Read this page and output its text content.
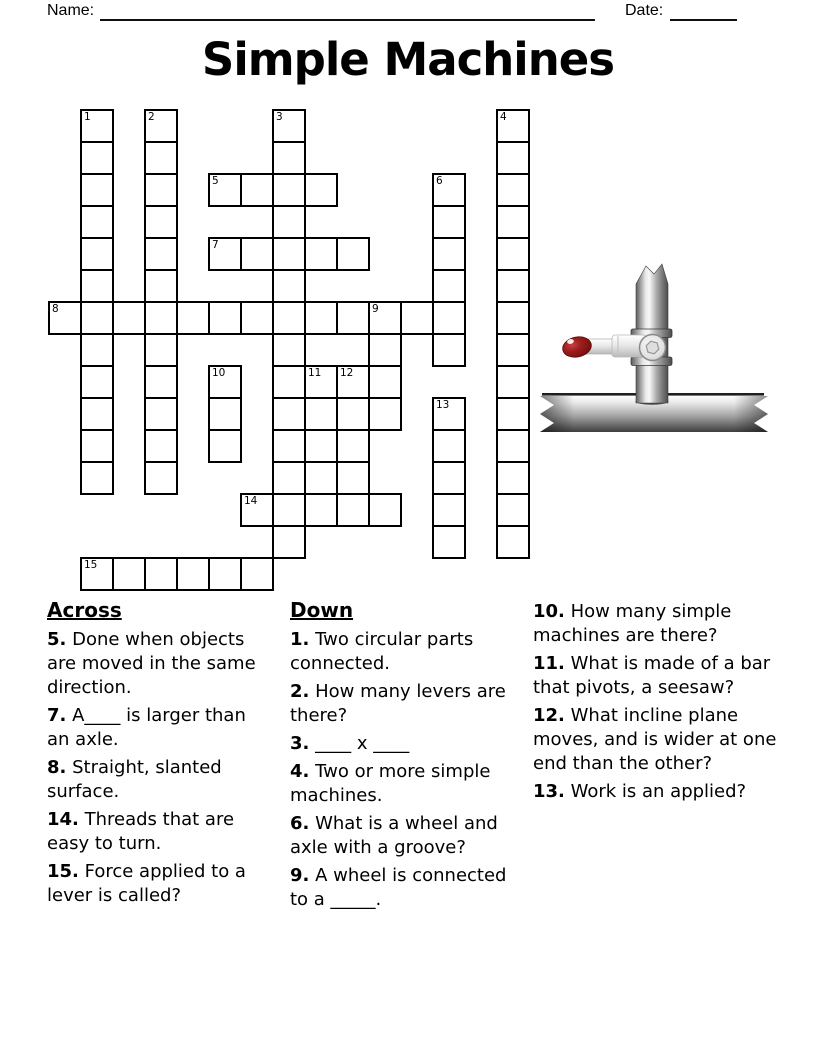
Name:	Date:
Simple Machines
1	2	3	4
5	6
7
8	9
10	11 12
13
14
15
Across

5. Done when objects are moved in the same direction.

7. A____ is larger than an axle.

8. Straight, slanted surface.

14. Threads that are easy to turn.

15. Force applied to a lever is called?

Down

1. Two circular parts connected.

2. How many levers are there?

3. ____ x ____

4. Two or more simple machines.

6. What is a wheel and axle with a groove?

9. A wheel is connected to a _____.

10. How many simple machines are there?

11. What is made of a bar that pivots, a seesaw?

12. What incline plane moves, and is wider at one end than the other?

13. Work is an applied?
